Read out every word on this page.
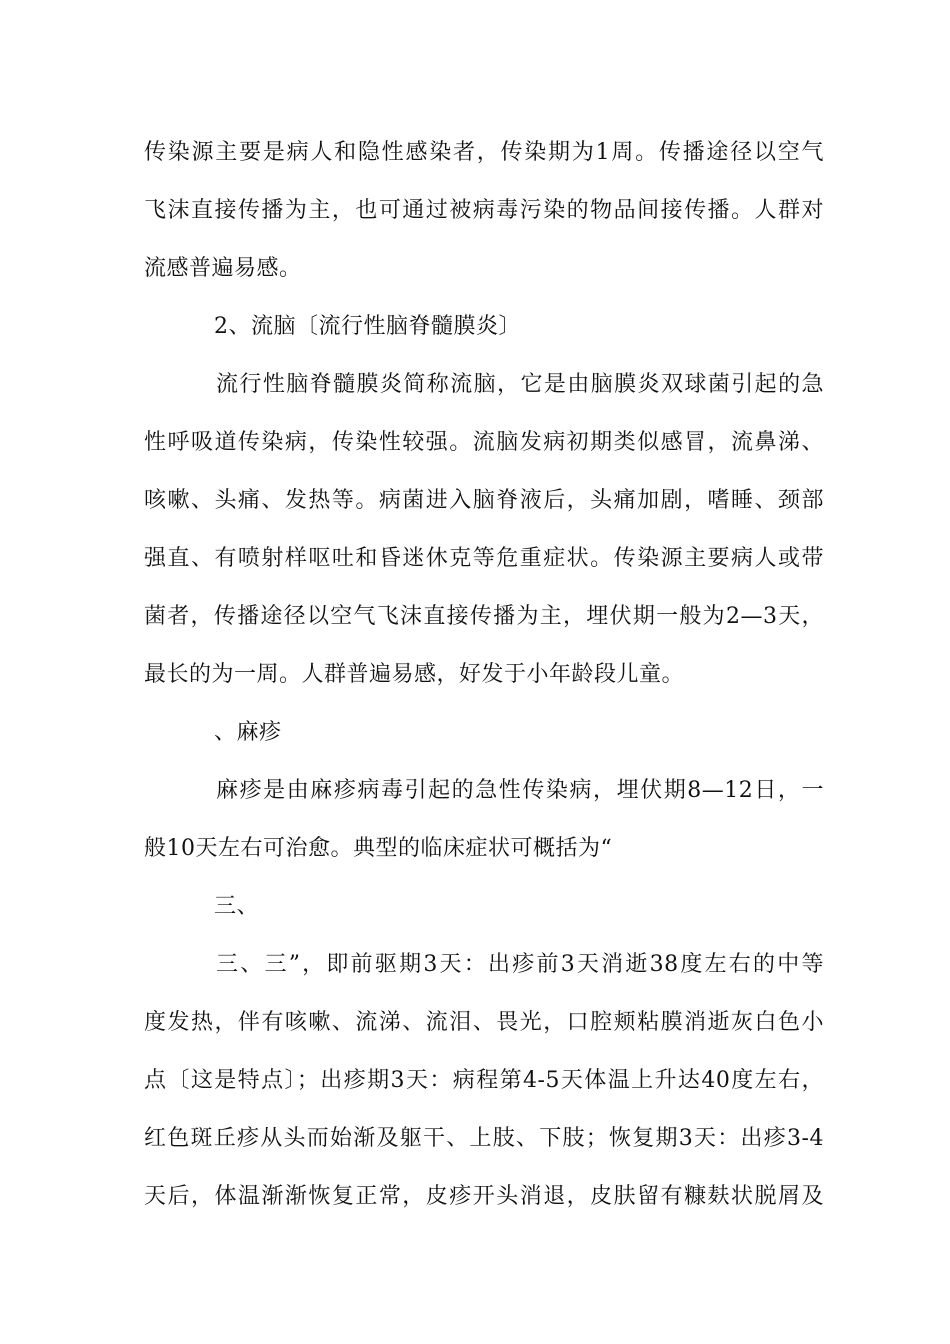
传染源主要是病人和隐性感染者，传染期为1周。传播途径以空气
飞沫直接传播为主，也可通过被病毒污染的物品间接传播。人群对
流感普遍易感。
2、流脑〔流行性脑脊髓膜炎〕
流行性脑脊髓膜炎简称流脑，它是由脑膜炎双球菌引起的急
性呼吸道传染病，传染性较强。流脑发病初期类似感冒，流鼻涕、
咳嗽、头痛、发热等。病菌进入脑脊液后，头痛加剧，嗜睡、颈部
强直、有喷射样呕吐和昏迷休克等危重症状。传染源主要病人或带
菌者，传播途径以空气飞沫直接传播为主，埋伏期一般为2—3天，
最长的为一周。人群普遍易感，好发于小年龄段儿童。
、麻疹
麻疹是由麻疹病毒引起的急性传染病，埋伏期8—12日，一
般10天左右可治愈。典型的临床症状可概括为“
三、
三、三”，即前驱期3天：出疹前3天消逝38度左右的中等
度发热，伴有咳嗽、流涕、流泪、畏光，口腔颊粘膜消逝灰白色小
点〔这是特点〕；出疹期3天：病程第4-5天体温上升达40度左右，
红色斑丘疹从头而始渐及躯干、上肢、下肢；恢复期3天：出疹3-4
天后，体温渐渐恢复正常，皮疹开头消退，皮肤留有糠麸状脱屑及
